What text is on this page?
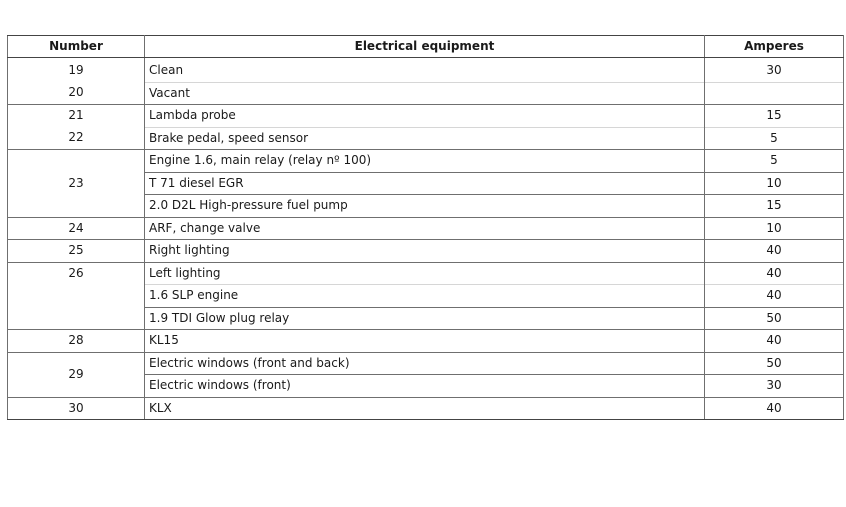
Number	Electrical equipment	Amperes

19	Clean	30
20	Vacant	
21	Lambda probe	15
22	Brake pedal, speed sensor	5
23	Engine 1.6, main relay (relay nº 100)	5
	T 71 diesel EGR	10
	2.0 D2L High-pressure fuel pump	15
24	ARF, change valve	10
25	Right lighting	40
26	Left lighting	40
	1.6 SLP engine	40
	1.9 TDI Glow plug relay	50
28	KL15	40
29	Electric windows (front and back)	50
	Electric windows (front)	30
30	KLX	40
